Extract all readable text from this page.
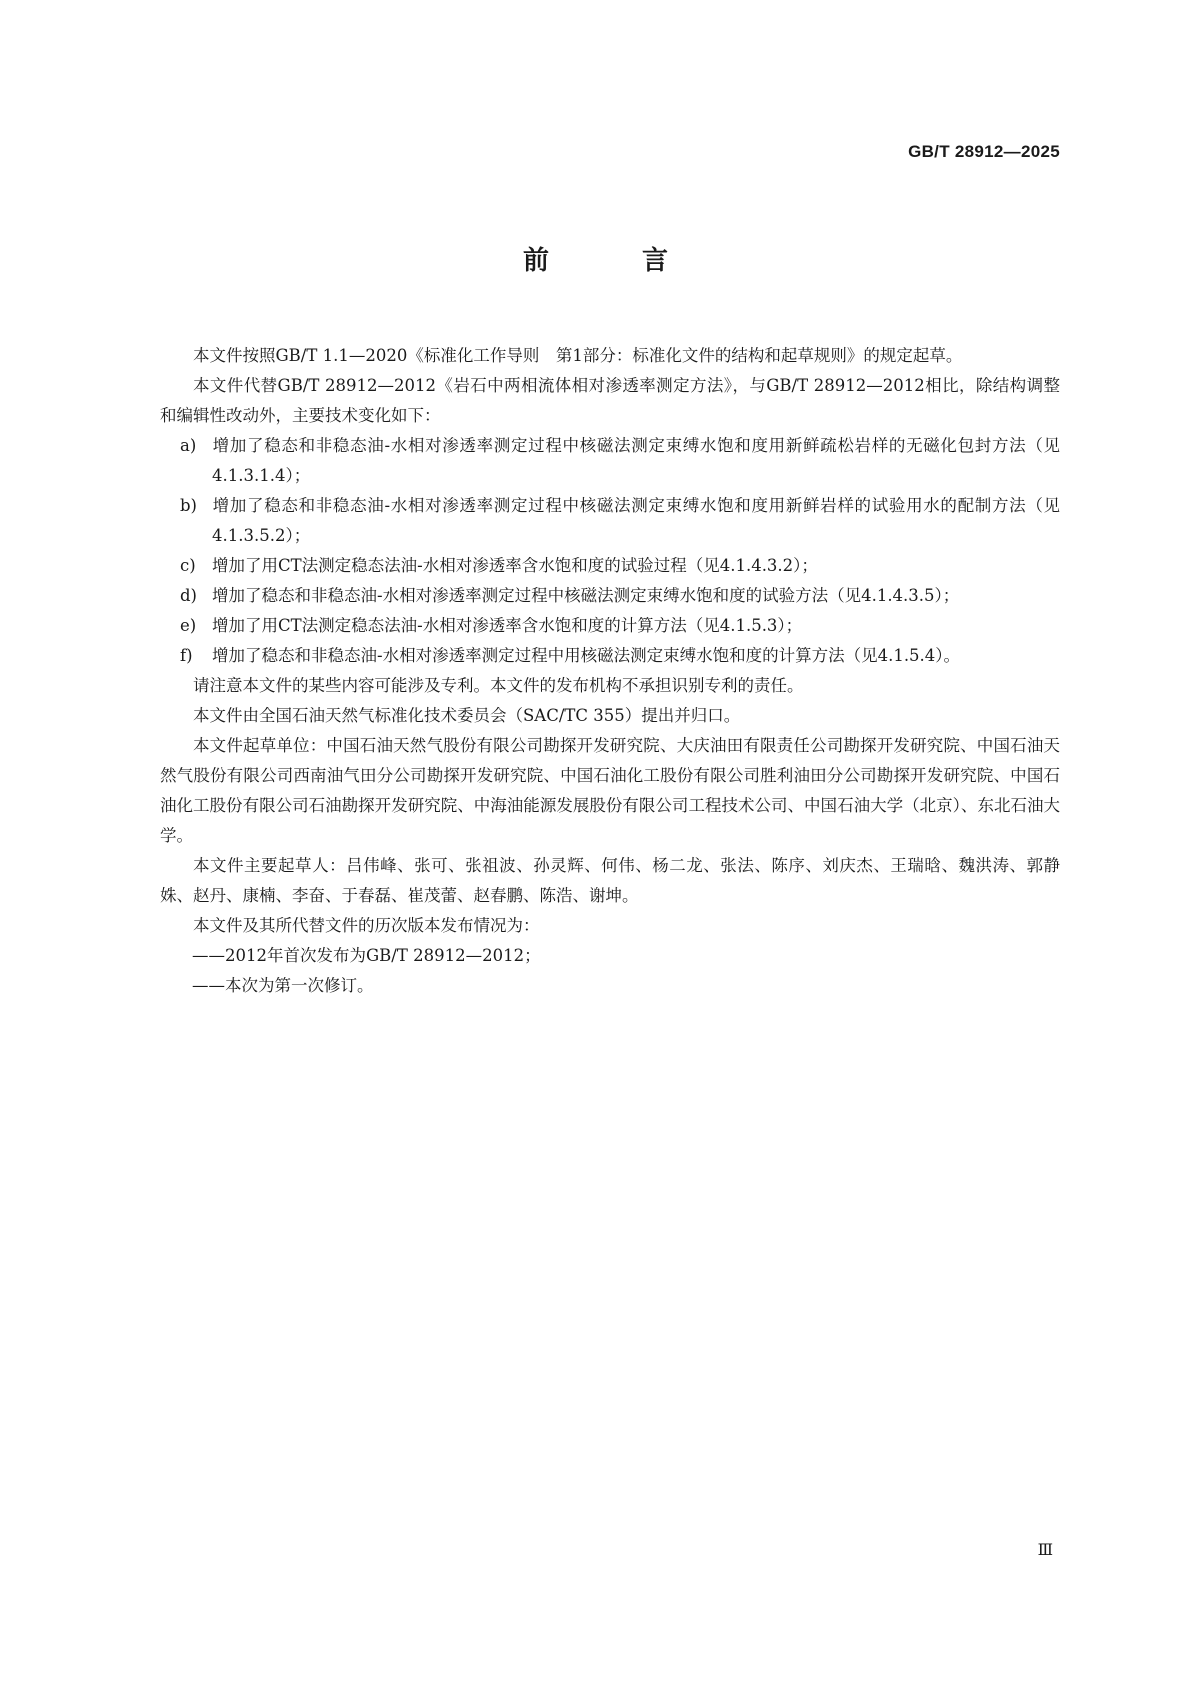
GB/T 28912—2025
前 言

本文件按照GB/T 1.1—2020《标准化工作导则　第1部分：标准化文件的结构和起草规则》的规定起草。

本文件代替GB/T 28912—2012《岩石中两相流体相对渗透率测定方法》，与GB/T 28912—2012相比，除结构调整和编辑性改动外，主要技术变化如下：

a) 增加了稳态和非稳态油-水相对渗透率测定过程中核磁法测定束缚水饱和度用新鲜疏松岩样的无磁化包封方法（见4.1.3.1.4）；
b) 增加了稳态和非稳态油-水相对渗透率测定过程中核磁法测定束缚水饱和度用新鲜岩样的试验用水的配制方法（见4.1.3.5.2）；
c) 增加了用CT法测定稳态法油-水相对渗透率含水饱和度的试验过程（见4.1.4.3.2）；
d) 增加了稳态和非稳态油-水相对渗透率测定过程中核磁法测定束缚水饱和度的试验方法（见4.1.4.3.5）；
e) 增加了用CT法测定稳态法油-水相对渗透率含水饱和度的计算方法（见4.1.5.3）；
f) 增加了稳态和非稳态油-水相对渗透率测定过程中用核磁法测定束缚水饱和度的计算方法（见4.1.5.4）。

请注意本文件的某些内容可能涉及专利。本文件的发布机构不承担识别专利的责任。

本文件由全国石油天然气标准化技术委员会（SAC/TC 355）提出并归口。

本文件起草单位：中国石油天然气股份有限公司勘探开发研究院、大庆油田有限责任公司勘探开发研究院、中国石油天然气股份有限公司西南油气田分公司勘探开发研究院、中国石油化工股份有限公司胜利油田分公司勘探开发研究院、中国石油化工股份有限公司石油勘探开发研究院、中海油能源发展股份有限公司工程技术公司、中国石油大学（北京）、东北石油大学。

本文件主要起草人：吕伟峰、张可、张祖波、孙灵辉、何伟、杨二龙、张法、陈序、刘庆杰、王瑞晗、魏洪涛、郭静姝、赵丹、康楠、李奋、于春磊、崔茂蕾、赵春鹏、陈浩、谢坤。

本文件及其所代替文件的历次版本发布情况为：

——2012年首次发布为GB/T 28912—2012；
——本次为第一次修订。
Ⅲ
